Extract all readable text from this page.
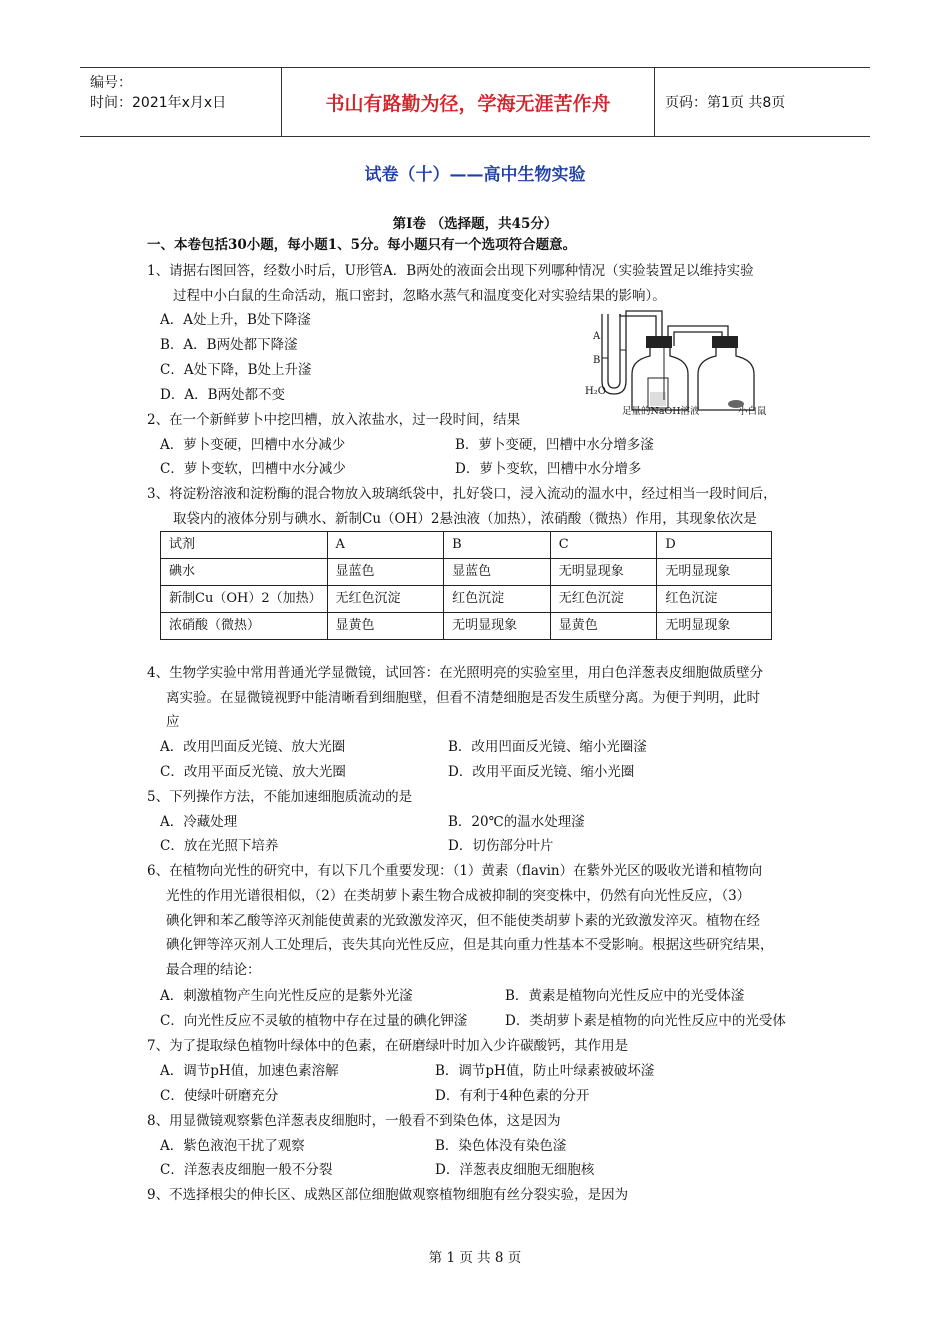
编号：
时间：2021年x月x日	书山有路勤为径，学海无涯苦作舟	页码：第1页 共8页
试卷（十）——高中生物实验
第Ⅰ卷 （选择题，共45分）
一、本卷包括30小题，每小题1、5分。每小题只有一个选项符合题意。
1、请据右图回答，经数小时后，U形管A．B两处的液面会出现下列哪种情况（实验装置足以维持实验
过程中小白鼠的生命活动，瓶口密封，忽略水蒸气和温度变化对实验结果的影响）。
A．A处上升，B处下降滏
B．A．B两处都下降滏
C．A处下降，B处上升滏
D．A．B两处都不变
A
B
H₂O
足量的NaOH溶液	小白鼠
2、在一个新鲜萝卜中挖凹槽，放入浓盐水，过一段时间，结果
A．萝卜变硬，凹槽中水分减少	B．萝卜变硬，凹槽中水分增多滏
C．萝卜变软，凹槽中水分减少	D．萝卜变软，凹槽中水分增多
3、将淀粉溶液和淀粉酶的混合物放入玻璃纸袋中，扎好袋口，浸入流动的温水中，经过相当一段时间后，
取袋内的液体分别与碘水、新制Cu（OH）2悬浊液（加热），浓硝酸（微热）作用，其现象依次是
试剂	A	B	C	D
碘水	显蓝色	显蓝色	无明显现象	无明显现象
新制Cu（OH）2（加热）	无红色沉淀	红色沉淀	无红色沉淀	红色沉淀
浓硝酸（微热）	显黄色	无明显现象	显黄色	无明显现象
4、生物学实验中常用普通光学显微镜，试回答：在光照明亮的实验室里，用白色洋葱表皮细胞做质壁分
离实验。在显微镜视野中能清晰看到细胞壁，但看不清楚细胞是否发生质壁分离。为便于判明，此时
应
A．改用凹面反光镜、放大光圈	B．改用凹面反光镜、缩小光圈滏
C．改用平面反光镜、放大光圈	D．改用平面反光镜、缩小光圈
5、下列操作方法，不能加速细胞质流动的是
A．冷藏处理	B．20℃的温水处理滏
C．放在光照下培养	D．切伤部分叶片
6、在植物向光性的研究中，有以下几个重要发现：（1）黄素（flavin）在紫外光区的吸收光谱和植物向
光性的作用光谱很相似，（2）在类胡萝卜素生物合成被抑制的突变株中，仍然有向光性反应，（3）
碘化钾和苯乙酸等淬灭剂能使黄素的光致激发淬灭，但不能使类胡萝卜素的光致激发淬灭。植物在经
碘化钾等淬灭剂人工处理后，丧失其向光性反应，但是其向重力性基本不受影响。根据这些研究结果，
最合理的结论：
A．刺激植物产生向光性反应的是紫外光滏	B．黄素是植物向光性反应中的光受体滏
C．向光性反应不灵敏的植物中存在过量的碘化钾滏	D．类胡萝卜素是植物的向光性反应中的光受体
7、为了提取绿色植物叶绿体中的色素，在研磨绿叶时加入少许碳酸钙，其作用是
A．调节pH值，加速色素溶解	B．调节pH值，防止叶绿素被破坏滏
C．使绿叶研磨充分	D．有利于4种色素的分开
8、用显微镜观察紫色洋葱表皮细胞时，一般看不到染色体，这是因为
A．紫色液泡干扰了观察	B．染色体没有染色滏
C．洋葱表皮细胞一般不分裂	D．洋葱表皮细胞无细胞核
9、不选择根尖的伸长区、成熟区部位细胞做观察植物细胞有丝分裂实验，是因为
第 1 页 共 8 页
